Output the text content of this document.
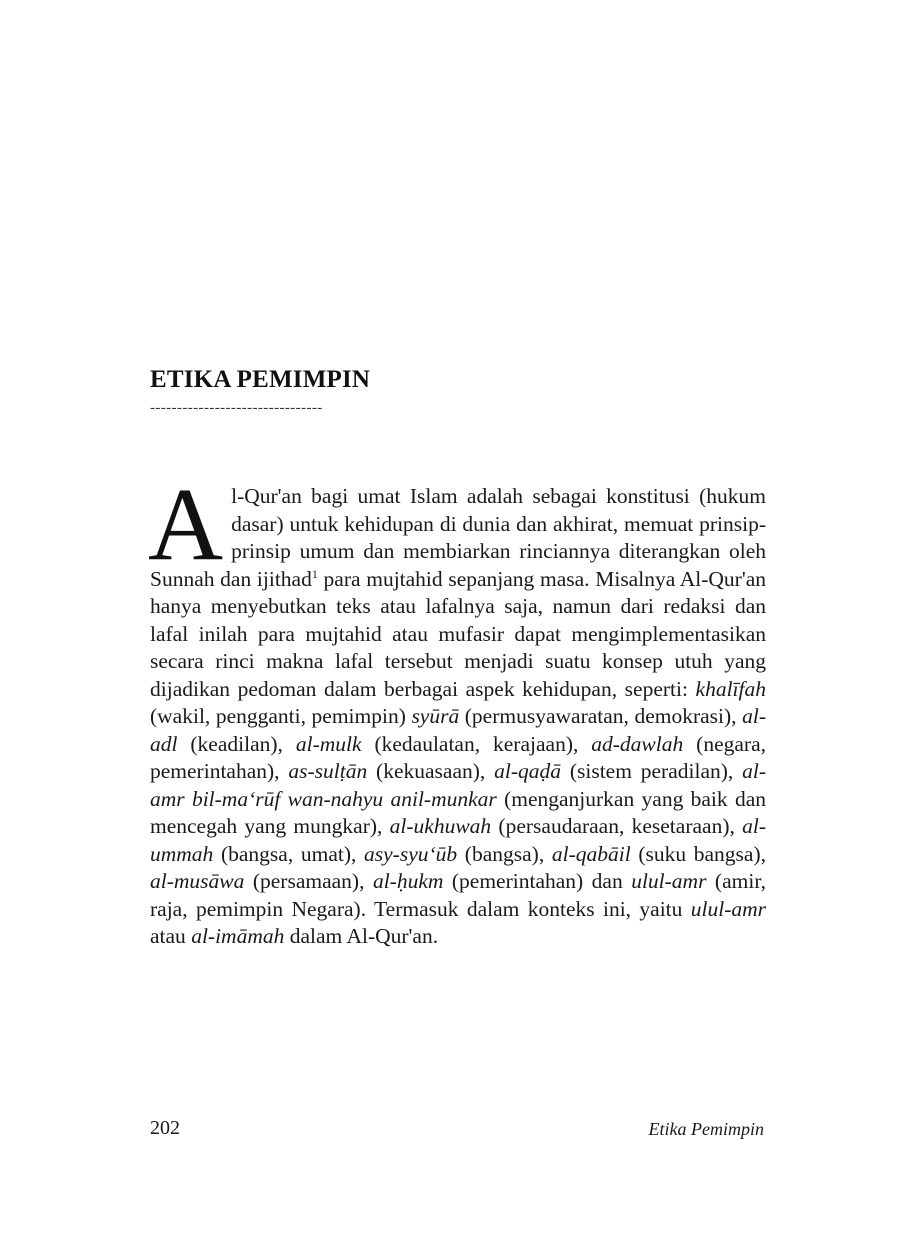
ETIKA PEMIMPIN
--------------------------------
A l-Qur'an bagi umat Islam adalah sebagai konstitusi (hukum dasar) untuk kehidupan di dunia dan akhirat, memuat prinsip-prinsip umum dan membiarkan rinciannya diterangkan oleh Sunnah dan ijithad$^1$ para mujtahid sepanjang masa. Misalnya Al-Qur'an hanya menyebutkan teks atau lafalnya saja, namun dari redaksi dan lafal inilah para mujtahid atau mufasir dapat mengimplementasikan secara rinci makna lafal tersebut menjadi suatu konsep utuh yang dijadikan pedoman dalam berbagai aspek kehidupan, seperti: khalīfah (wakil, pengganti, pemimpin) syūrā (permusyawaratan, demokrasi), al-adl (keadilan), al-mulk (kedaulatan, kerajaan), ad-dawlah (negara, pemerintahan), as-sulṭān (kekuasaan), al-qaḍā (sistem peradilan), al-amr bil-ma‘rūf wan-nahyu anil-munkar (menganjurkan yang baik dan mencegah yang mungkar), al-ukhuwah (persaudaraan, kesetaraan), al-ummah (bangsa, umat), asy-syu‘ūb (bangsa), al-qabāil (suku bangsa), al-musāwa (persamaan), al-ḥukm (pemerintahan) dan ulul-amr (amir, raja, pemimpin Negara). Termasuk dalam konteks ini, yaitu ulul-amr atau al-imāmah dalam Al-Qur'an.

202	Etika Pemimpin
